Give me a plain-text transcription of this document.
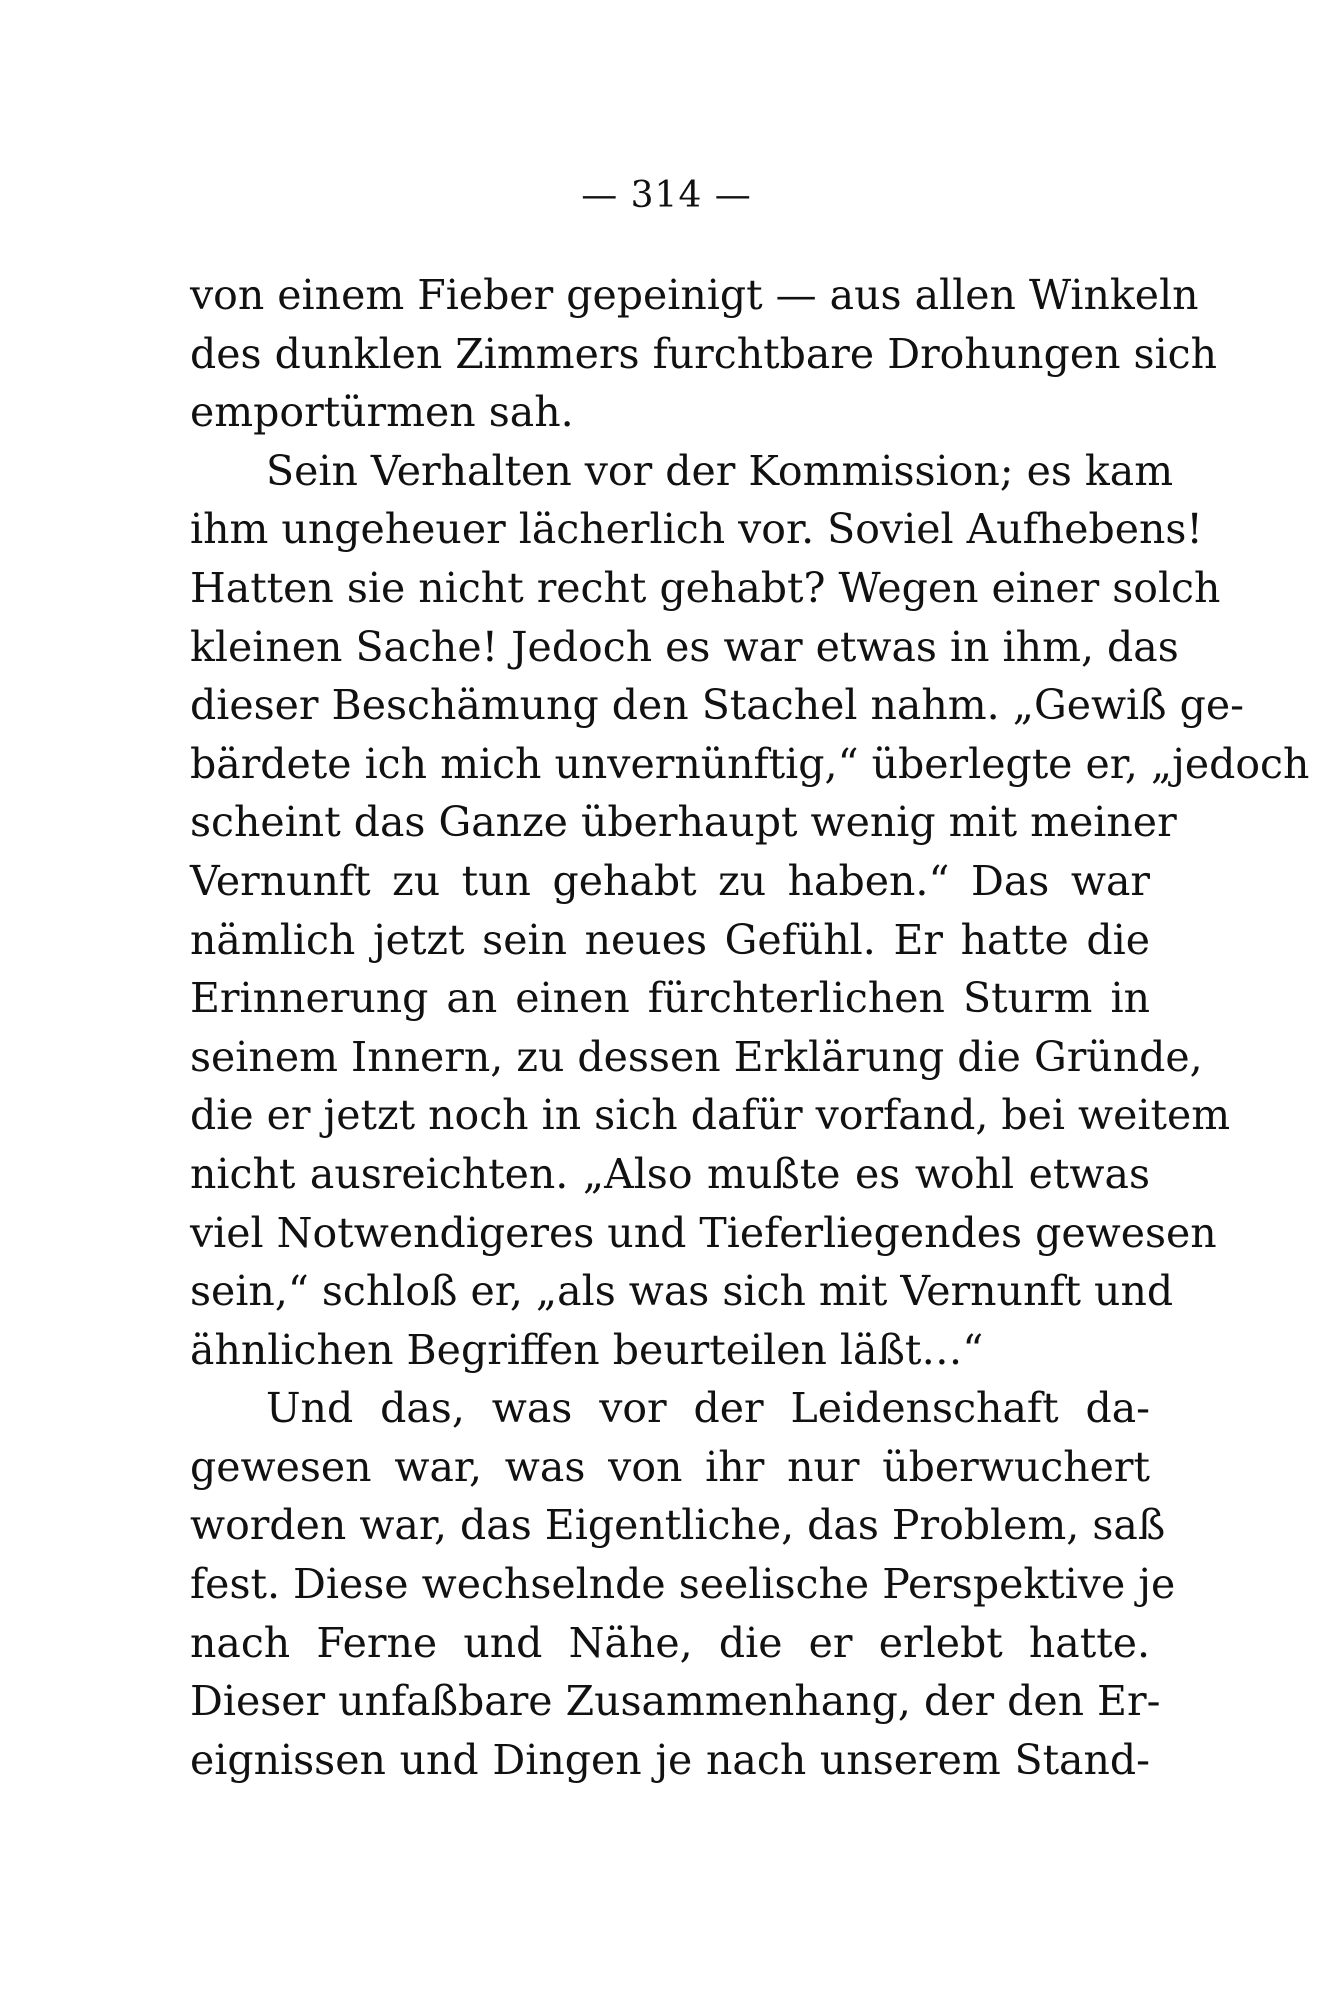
— 314 —
von einem Fieber gepeinigt — aus allen Winkeln
des dunklen Zimmers furchtbare Drohungen sich
emportürmen sah.
Sein Verhalten vor der Kommission; es kam
ihm ungeheuer lächerlich vor. Soviel Aufhebens!
Hatten sie nicht recht gehabt? Wegen einer solch
kleinen Sache! Jedoch es war etwas in ihm, das
dieser Beschämung den Stachel nahm. „Gewiß ge-
bärdete ich mich unvernünftig,“ überlegte er, „jedoch
scheint das Ganze überhaupt wenig mit meiner
Vernunft zu tun gehabt zu haben.“ Das war
nämlich jetzt sein neues Gefühl. Er hatte die
Erinnerung an einen fürchterlichen Sturm in
seinem Innern, zu dessen Erklärung die Gründe,
die er jetzt noch in sich dafür vorfand, bei weitem
nicht ausreichten. „Also mußte es wohl etwas
viel Notwendigeres und Tieferliegendes gewesen
sein,“ schloß er, „als was sich mit Vernunft und
ähnlichen Begriffen beurteilen läßt…“
Und das, was vor der Leidenschaft da-
gewesen war, was von ihr nur überwuchert
worden war, das Eigentliche, das Problem, saß
fest. Diese wechselnde seelische Perspektive je
nach Ferne und Nähe, die er erlebt hatte.
Dieser unfaßbare Zusammenhang, der den Er-
eignissen und Dingen je nach unserem Stand-
